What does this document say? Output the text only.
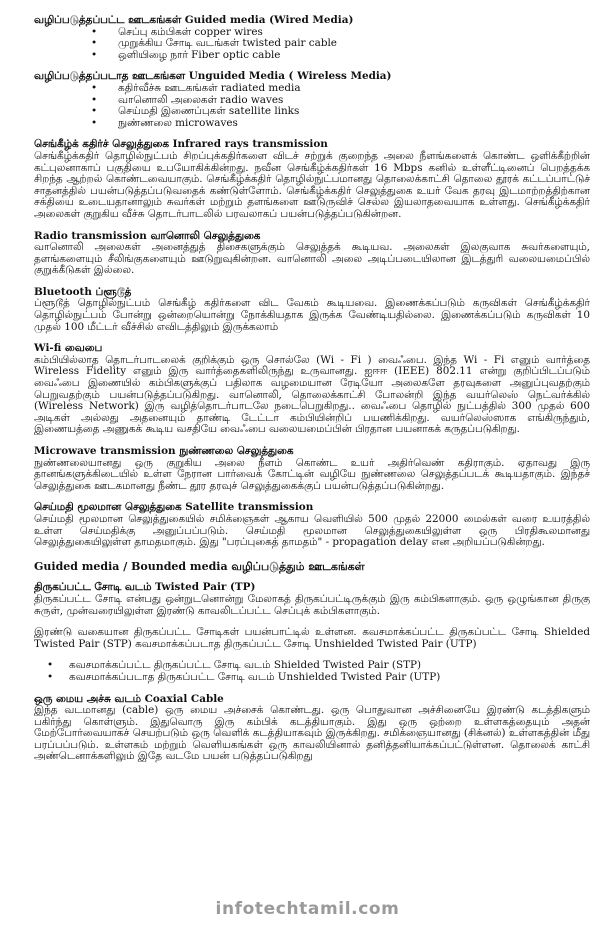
வழிப்படுத்தப்பட்ட ஊடகங்கள் Guided media (Wired Media)

• செப்பு கம்பிகள் copper wires
• முறுக்கிய சோடி வடங்கள் twisted pair cable
• ஒளியிழை நார் Fiber optic cable

வழிப்படுத்தப்படாத ஊடகங்கள Unguided Media ( Wireless Media)

• கதிர்வீச்சு ஊடகங்கள் radiated media
• வானொலி அலைகள் radio waves
• செய்மதி இணைப்புகள் satellite links
• நுண்ணலை microwaves

செங்கீழ்க் கதிர்ச் செலுத்துகை Infrared rays transmission

செங்கீழ்க்கதிர் தொழில்நுட்பம் சிறப்புக்கதிர்களை விடச் சற்றுக் குறைந்த அலை நீளங்களைக் கொண்ட ஒளிக்கீற்றின் கட்புலனாகாப் பகுதியை உபயோகிக்கின்றது. நவீன செங்கீழ்க்கதிர்கள் 16 Mbps கனில் உள்ளீட்டினைப் பெறத்தக்க சிறந்த ஆற்றல் கொண்டவையாகும். செங்கீழ்க்கதிர் தொழில்நுட்பமானது தொலைக்காட்சி தொலை தூரக் கட்டப்பாட்டுச் சாதனத்தில் பயன்படுத்தப்படுவதைக் கண்டுள்ளோம். செங்கீழ்க்கதிர் செலுத்துகை உயர் வேக தரவு இடமாற்றத்திற்கான சக்தியை உடையதானாலும் சுவர்கள் மற்றும் தளங்களை ஊடுருவிச் செல்ல இயலாதவையாக உள்ளது. செங்கீழ்க்கதிர் அலைகள் குறுகிய வீச்சு தொடர்பாடலில் பரவலாகப் பயன்படுத்தப்படுகின்றன.

Radio transmission வானொலி செலுத்துகை

வானொலி அலைகள் அனைத்துத் திசைகளுக்கும் செலுத்தக் கூடியவ. அலைகள் இலகுவாக சுவர்களையும், தளங்களையும் சீலிங்குகளையும் ஊடுறுவுகின்றன. வானொலி அலை அடிப்படையிலான இடத்துரி வலையமைப்பில் குறுக்கீடுகள் இல்லை.

Bluetooth ப்ளூடூத்

ப்ளூடூத் தொழில்நுட்பம் செங்கீழ் கதிர்களை விட வேகம் கூடியவை. இணைக்கப்படும் கருவிகள் செங்கீழ்க்கதிர் தொழில்நுட்பம் போன்று ஒன்றையொன்று நோக்கியதாக இருக்க வேண்டியதில்லை. இணைக்கப்படும் கருவிகள் 10 முதல் 100 மீட்டர் வீச்சில் எவிடத்திலும் இருக்கலாம்

Wi-fi வைபை

கம்பியில்லாத தொடர்பாடலைக் குறிக்கும் ஒரு சொல்லே (Wi - Fi ) வைஃபை. இந்த Wi - Fi எனும் வார்த்தை Wireless Fidelity எனும் இரு வார்த்தைகளிலிருந்து உருவானது. ஐஈஈ (IEEE) 802.11 என்று குறிப்பிடப்படும் வைஃபை இணையில் கம்பிகளுக்குப் பதிலாக வழமையான ரேடியோ அலைகளே தரவுகளை அனுப்புவதற்கும் பெறுவதற்கும் பயன்படுத்தப்படுகிறது. வானொலி, தொலைக்காட்சி போலன்றி இந்த வயர்லெஸ் நெட்வர்க்கில் (Wireless Network) இரு வழித்தொடர்பாடலே நடைபெறுகிறது.. வைஃபை தொழில் நுட்பத்தில் 300 முதல் 600 அடிகள் அல்லது அதனையும் தாண்டி டேட்டா கம்பியின்றிப் பயணிக்கிறது. வயர்லெஸ்ஸாக எங்கிருந்தும், இணையத்தை அணுகக் கூடிய வசதியே வைஃபை வலையமைப்பின் பிரதான பயனாகக் கருதப்படுகிறது.

Microwave transmission நுண்ணலை செலுத்துகை

நுண்ணலையானது ஒரு குறுகிய அலை நீளம் கொண்ட உயர் அதிர்வெண் கதிராகும். ஏதாவது இரு தானங்களுக்கிடையில் உள்ள நேரான பார்வைக் கோட்டின் வழியே நுண்ணலை செலுத்தப்படக் கூடியதாகும். இந்தச் செலுத்துகை ஊடகமானது நீண்ட தூர தரவுச் செலுத்துகைக்குப் பயன்படுத்தப்படுகின்றது.

செய்மதி மூலமான செலுத்துகை Satellite transmission

செய்மதி மூலமான செலுத்துகையில் சமிக்ஞைகள் ஆகாய வெளியில் 500 முதல் 22000 மைல்கள் வரை உயரத்தில் உள்ள செய்மதிக்கு அனுப்பப்படும். செய்மதி மூலமான செலுத்துகையிலுள்ள ஒரு பிரதிகூலமானது செலுத்துகையிலுள்ள தாமதமாகும். இது "பரப்புகைத் தாமதம்" - propagation delay என அறியப்படுகின்றது.

Guided media / Bounded media வழிப்படுத்தும் ஊடகங்கள்

திருகப்பட்ட சோடி வடம் Twisted Pair (TP)

திருகப்பட்ட சோடி என்பது ஒன்றுடனொன்று மேலாகத் திருகப்பட்டிருக்கும் இரு கம்பிகளாகும். ஒரு ஒழுங்கான திருகு சுருள், முன்வரையிலுள்ள இரண்டு காவலிடப்பட்ட செப்புக் கம்பிகளாகும்.

இரண்டு வகையான திருகப்பட்ட சோடிகள் பயன்பாட்டில் உள்ளன. கவசமாக்கப்பட்ட திருகப்பட்ட சோடி Shielded Twisted Pair (STP) கவசமாக்கப்படாத திருகப்பட்ட சோடி Unshielded Twisted Pair (UTP)

• கவசமாக்கப்பட்ட திருகப்பட்ட சோடி வடம் Shielded Twisted Pair (STP)
• கவசமாக்கப்படாத திருகப்பட்ட சோடி வடம் Unshielded Twisted Pair (UTP)

ஒரு மைய அச்சு வடம் Coaxial Cable

இந்த வடமானது (cable) ஒரு மைய அச்சைக் கொண்டது. ஒரு பொதுவான அச்சினையே இரண்டு கடத்திகளும் பகிர்ந்து கொள்ளும். இதுவொரு இரு கம்பிக் கடத்தியாகும். இது ஒரு ஒற்றை உள்ளகத்தையும் அதன் மேற்போர்வையாகச் செயற்படும் ஒரு வெளிக் கடத்தியாகவும் இருக்கிறது. சமிக்ஞையானது (சிக்னல்) உள்ளகத்தின் மீது பரப்பப்படும். உள்ளகம் மற்றும் வெளியகங்கள் ஒரு காவலியினால் தனித்தனியாக்கப்பட்டுள்ளன. தொலைக் காட்சி அண்டெனாக்களிலும் இதே வடமே பயன் படுத்தப்படுகிறது

infotechtamil.com
